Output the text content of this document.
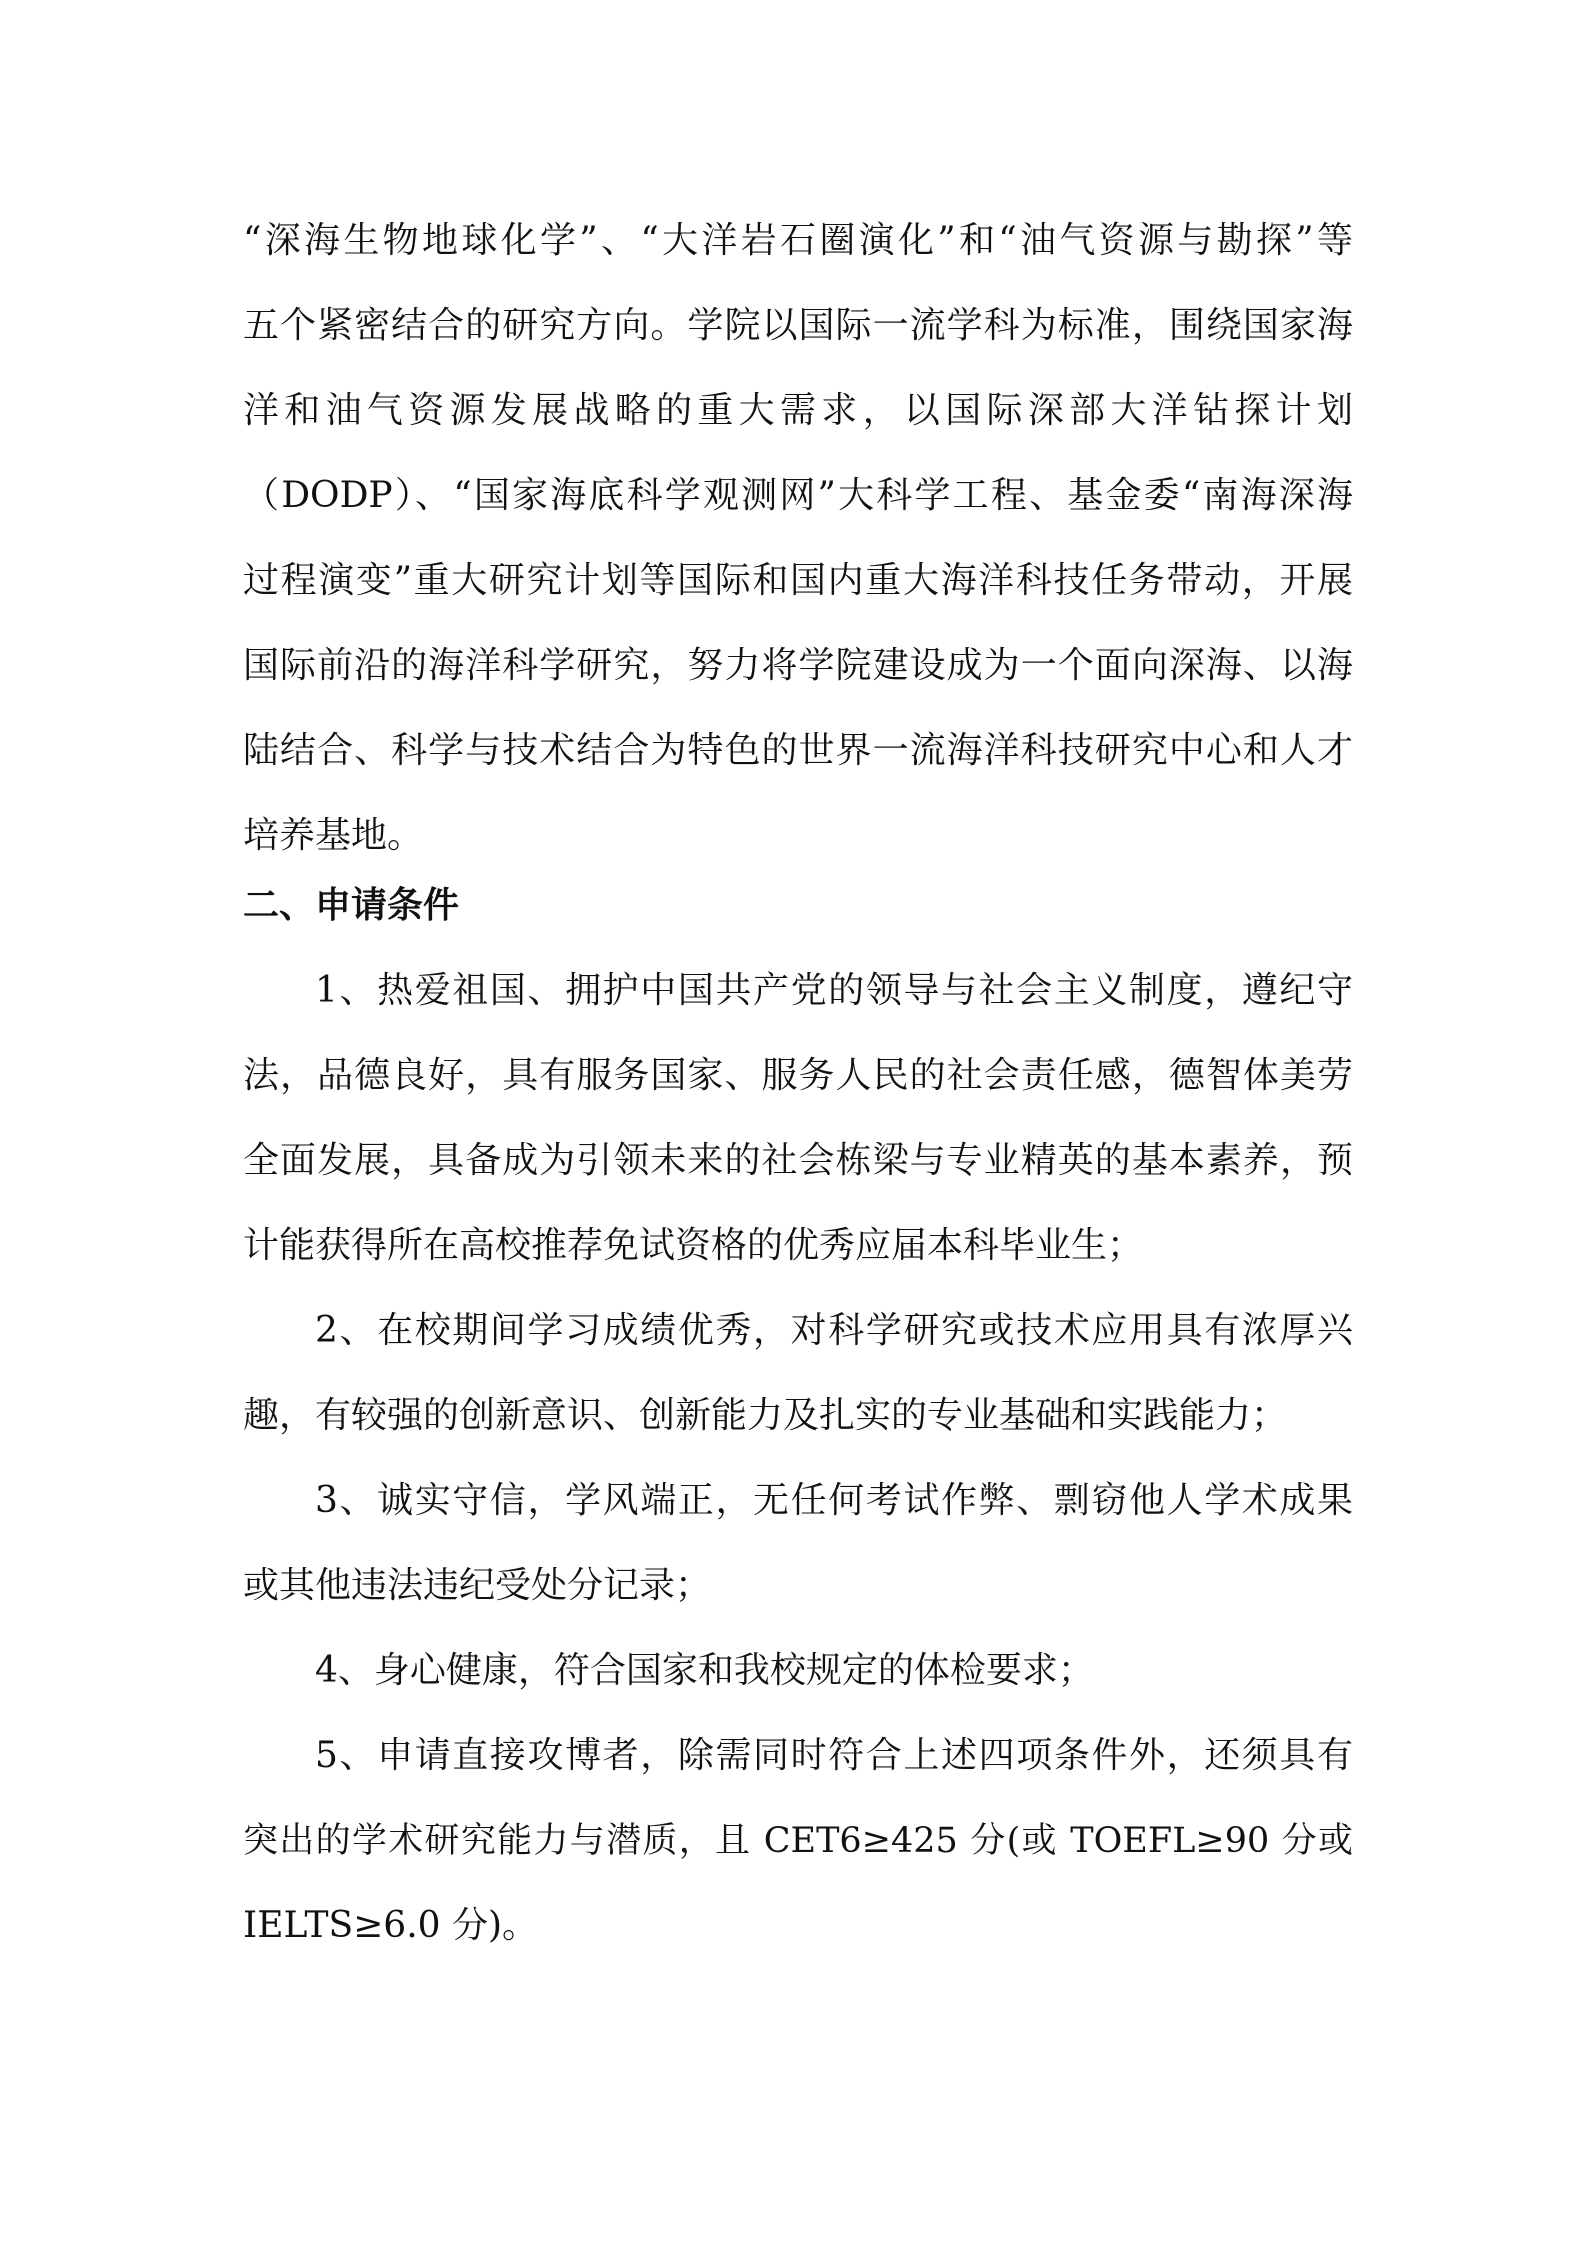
“深海生物地球化学”、“大洋岩石圈演化”和“油气资源与勘探”等
五个紧密结合的研究方向。学院以国际一流学科为标准，围绕国家海
洋和油气资源发展战略的重大需求，以国际深部大洋钻探计划
（DODP）、“国家海底科学观测网”大科学工程、基金委“南海深海
过程演变”重大研究计划等国际和国内重大海洋科技任务带动，开展
国际前沿的海洋科学研究，努力将学院建设成为一个面向深海、以海
陆结合、科学与技术结合为特色的世界一流海洋科技研究中心和人才
培养基地。
二、申请条件
1、热爱祖国、拥护中国共产党的领导与社会主义制度，遵纪守
法，品德良好，具有服务国家、服务人民的社会责任感，德智体美劳
全面发展，具备成为引领未来的社会栋梁与专业精英的基本素养，预
计能获得所在高校推荐免试资格的优秀应届本科毕业生；
2、在校期间学习成绩优秀，对科学研究或技术应用具有浓厚兴
趣，有较强的创新意识、创新能力及扎实的专业基础和实践能力；
3、诚实守信，学风端正，无任何考试作弊、剽窃他人学术成果
或其他违法违纪受处分记录；
4、身心健康，符合国家和我校规定的体检要求；
5、申请直接攻博者，除需同时符合上述四项条件外，还须具有
突出的学术研究能力与潜质，且 CET6≥425 分(或 TOEFL≥90 分或
IELTS≥6.0 分)。
